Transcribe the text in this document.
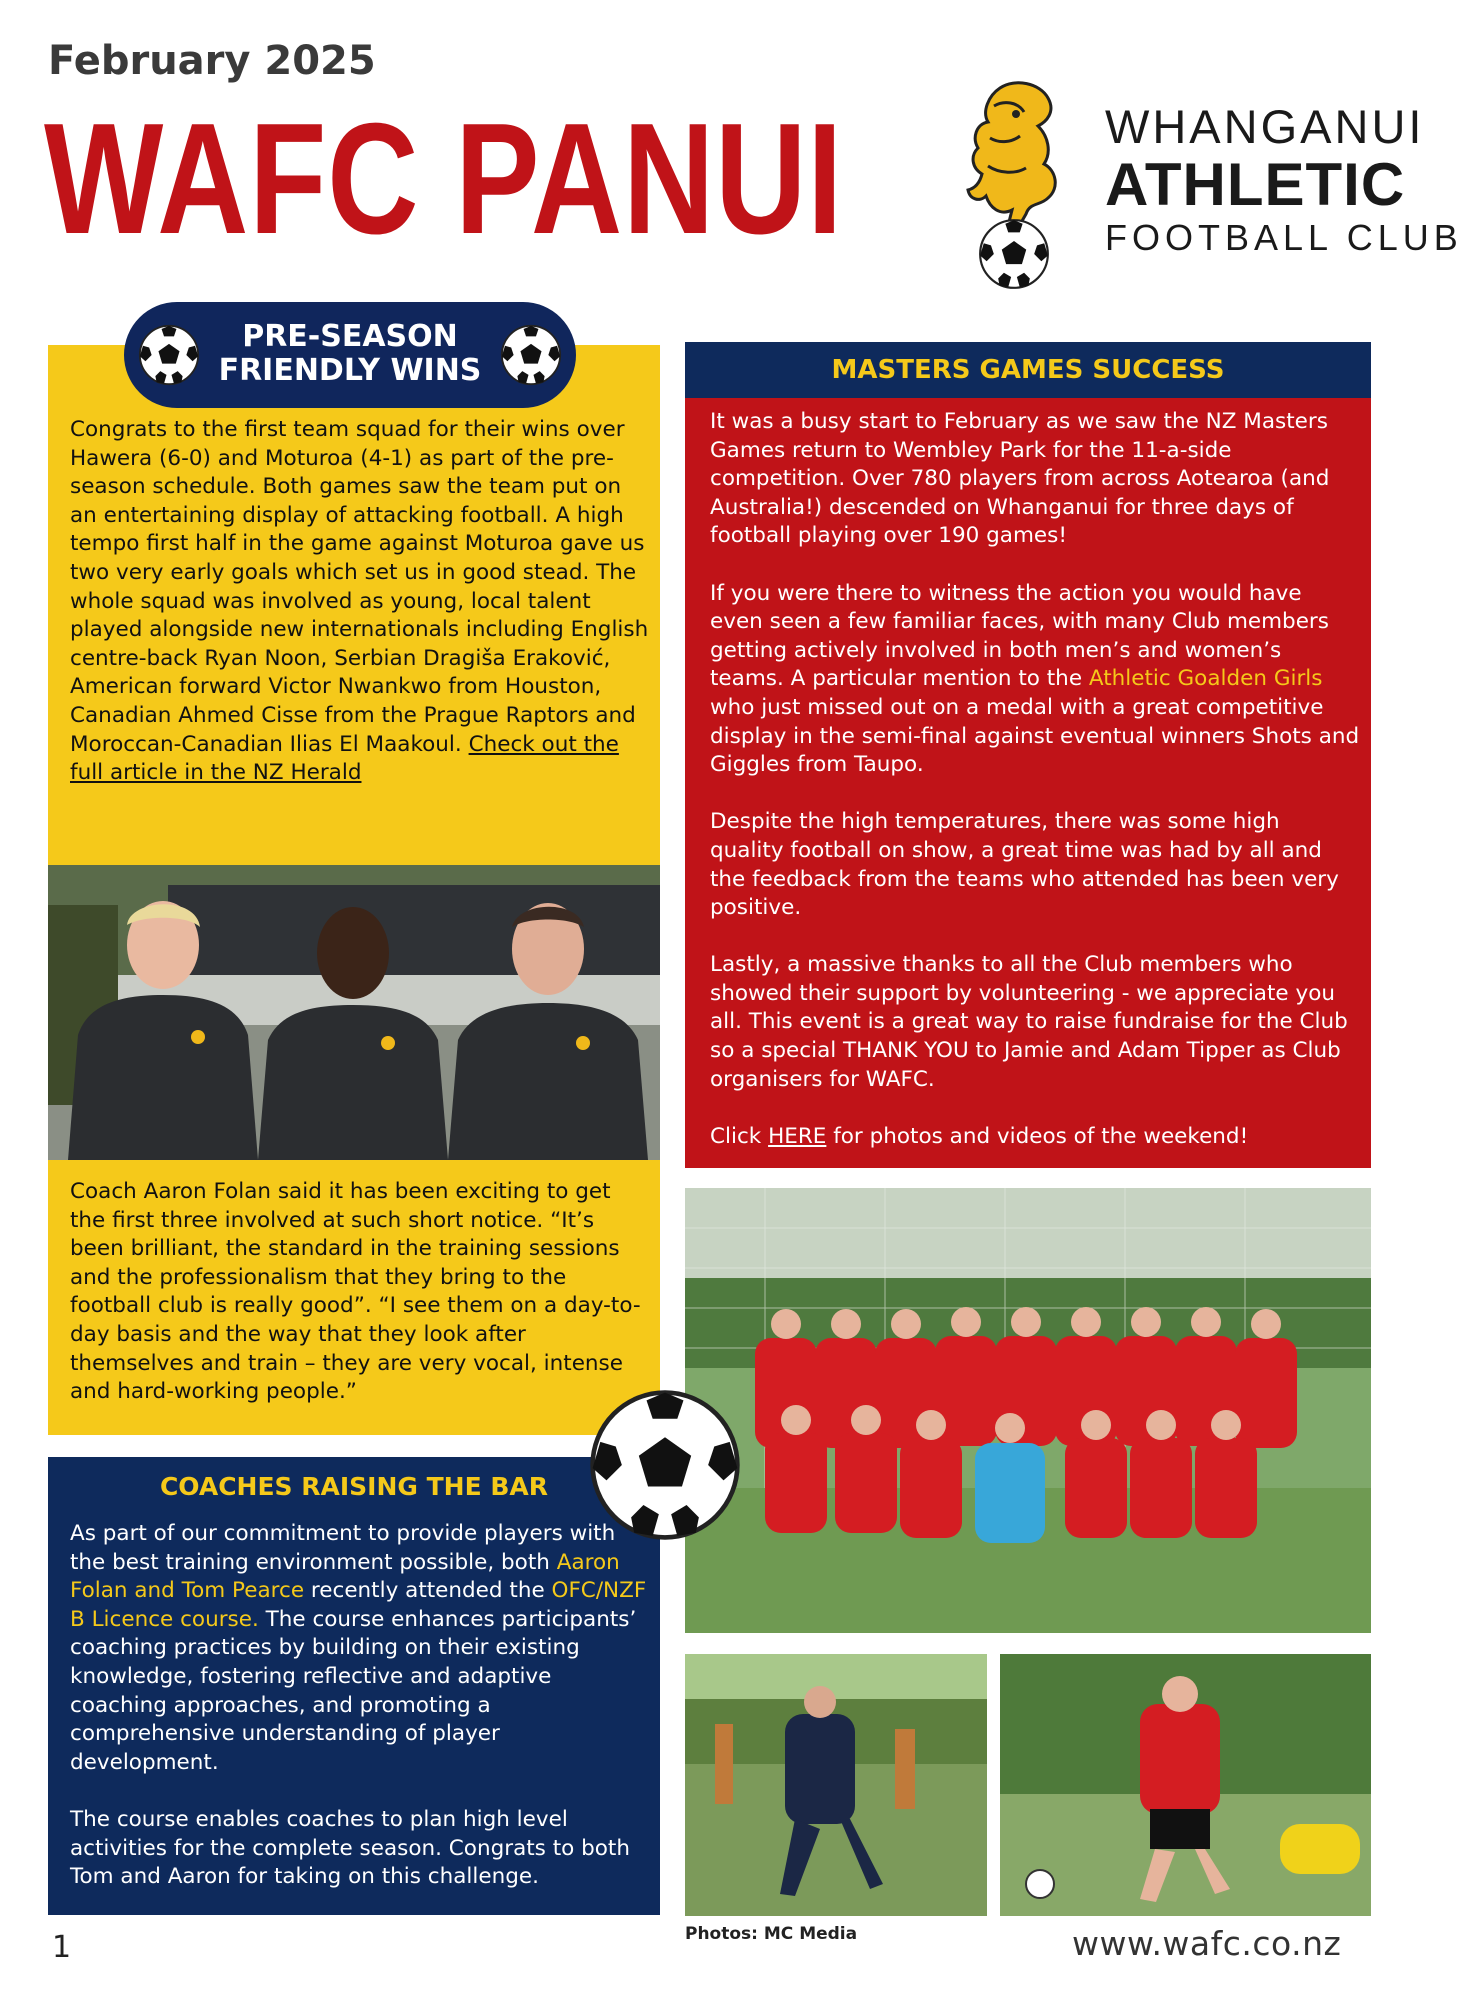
February 2025
WAFC PANUI	WHANGANUI
ATHLETIC
FOOTBALL CLUB
PRE-SEASON
FRIENDLY WINS
Congrats to the first team squad for their wins over Hawera (6-0) and Moturoa (4-1) as part of the pre-season schedule. Both games saw the team put on an entertaining display of attacking football. A high tempo first half in the game against Moturoa gave us two very early goals which set us in good stead. The whole squad was involved as young, local talent played alongside new internationals including English centre-back Ryan Noon, Serbian Dragiša Eraković, American forward Victor Nwankwo from Houston, Canadian Ahmed Cisse from the Prague Raptors and Moroccan-Canadian Ilias El Maakoul. Check out the full article in the NZ Herald
Coach Aaron Folan said it has been exciting to get the first three involved at such short notice. “It’s been brilliant, the standard in the training sessions and the professionalism that they bring to the football club is really good”. “I see them on a day-to-day basis and the way that they look after themselves and train – they are very vocal, intense and hard-working people.”
COACHES RAISING THE BAR

As part of our commitment to provide players with the best training environment possible, both Aaron Folan and Tom Pearce recently attended the OFC/NZF B Licence course. The course enhances participants’ coaching practices by building on their existing knowledge, fostering reflective and adaptive coaching approaches, and promoting a comprehensive understanding of player development.

The course enables coaches to plan high level activities for the complete season. Congrats to both Tom and Aaron for taking on this challenge.

MASTERS GAMES SUCCESS

It was a busy start to February as we saw the NZ Masters Games return to Wembley Park for the 11-a-side competition. Over 780 players from across Aotearoa (and Australia!) descended on Whanganui for three days of football playing over 190 games!

If you were there to witness the action you would have even seen a few familiar faces, with many Club members getting actively involved in both men’s and women’s teams. A particular mention to the Athletic Goalden Girls who just missed out on a medal with a great competitive display in the semi-final against eventual winners Shots and Giggles from Taupo.

Despite the high temperatures, there was some high quality football on show, a great time was had by all and the feedback from the teams who attended has been very positive.

Lastly, a massive thanks to all the Club members who showed their support by volunteering - we appreciate you all. This event is a great way to raise fundraise for the Club so a special THANK YOU to Jamie and Adam Tipper as Club organisers for WAFC.

Click HERE for photos and videos of the weekend!

Photos: MC Media
1	www.wafc.co.nz
